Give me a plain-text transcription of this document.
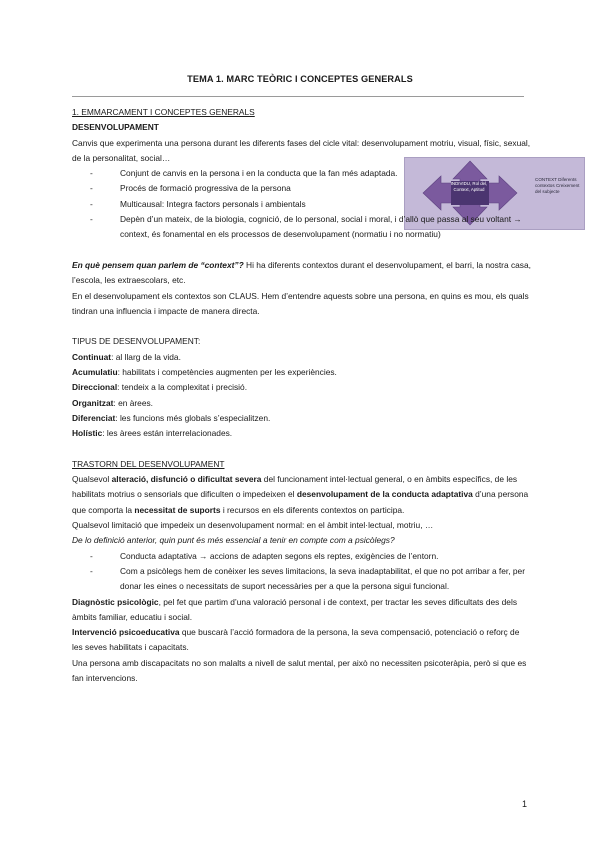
TEMA 1. MARC TEÒRIC I CONCEPTES GENERALS
INDIVIDU, Rol del, Context, Aptitud
CONTEXT Diferents contextos Creixement del subjecte

1. EMMARCAMENT I CONCEPTES GENERALS

DESENVOLUPAMENT

Canvis que experimenta una persona durant les diferents fases del cicle vital: desenvolupament motriu, visual, físic, sexual, de la personalitat, social…

- Conjunt de canvis en la persona i en la conducta que la fan més adaptada.
- Procés de formació progressiva de la persona
- Multicausal: Integra factors personals i ambientals
- Depèn d’un mateix, de la biologia, cognició, de lo personal, social i moral, i d’allò que passa al seu voltant → context, és fonamental en els processos de desenvolupament (normatiu i no normatiu)

En què pensem quan parlem de “context”? Hi ha diferents contextos durant el desenvolupament, el barri, la nostra casa, l’escola, les extraescolars, etc.

En el desenvolupament els contextos son CLAUS. Hem d’entendre aquests sobre una persona, en quins es mou, els quals tindran una influencia i impacte de manera directa.

TIPUS DE DESENVOLUPAMENT:

Continuat: al llarg de la vida.

Acumulatiu: habilitats i competències augmenten per les experiències.

Direccional: tendeix a la complexitat i precisió.

Organitzat: en àrees.

Diferenciat: les funcions més globals s’especialitzen.

Holístic: les àrees están interrelacionades.

TRASTORN DEL DESENVOLUPAMENT

Qualsevol alteració, disfunció o dificultat severa del funcionament intel·lectual general, o en àmbits específics, de les habilitats motrius o sensorials que dificulten o impedeixen el desenvolupament de la conducta adaptativa d’una persona que comporta la necessitat de suports i recursos en els diferents contextos on participa.

Qualsevol limitació que impedeix un desenvolupament normal: en el àmbit intel·lectual, motriu, …

De lo definició anterior, quin punt és més essencial a tenir en compte com a psicòlegs?

- Conducta adaptativa → accions de adapten segons els reptes, exigències de l’entorn.
- Com a psicòlegs hem de conèixer les seves limitacions, la seva inadaptabilitat, el que no pot arribar a fer, per donar les eines o necessitats de suport necessàries per a que la persona sigui funcional.

Diagnòstic psicològic, pel fet que partim d’una valoració personal i de context, per tractar les seves dificultats des dels àmbits familiar, educatiu i social.

Intervenció psicoeducativa que buscarà l’acció formadora de la persona, la seva compensació, potenciació o reforç de les seves habilitats i capacitats.

Una persona amb discapacitats no son malalts a nivell de salut mental, per això no necessiten psicoteràpia, però si que es fan intervencions.

1
